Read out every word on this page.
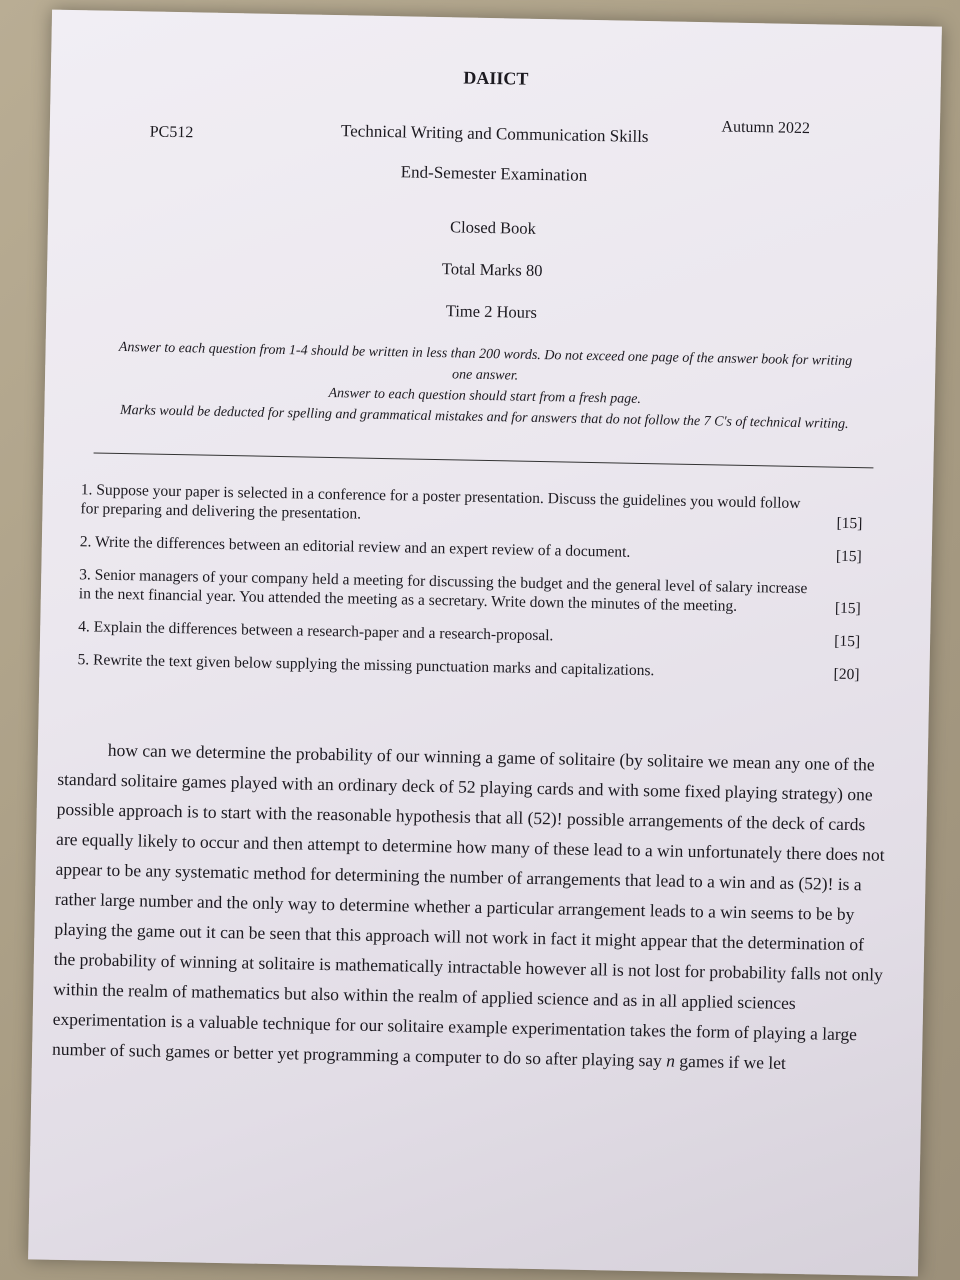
DAIICT
PC512	Technical Writing and Communication Skills	Autumn 2022
End-Semester Examination
Closed Book
Total Marks 80
Time 2 Hours
Answer to each question from 1-4 should be written in less than 200 words. Do not exceed one page of the answer book for writing one answer.
Answer to each question should start from a fresh page.
Marks would be deducted for spelling and grammatical mistakes and for answers that do not follow the 7 C's of technical writing.
1. Suppose your paper is selected in a conference for a poster presentation. Discuss the guidelines you would follow for preparing and delivering the presentation.
[15]
2. Write the differences between an editorial review and an expert review of a document.	[15]
3. Senior managers of your company held a meeting for discussing the budget and the general level of salary increase in the next financial year. You attended the meeting as a secretary. Write down the minutes of the meeting.	[15]
4. Explain the differences between a research-paper and a research-proposal.	[15]
5. Rewrite the text given below supplying the missing punctuation marks and capitalizations.	[20]

how can we determine the probability of our winning a game of solitaire (by solitaire we mean any one of the standard solitaire games played with an ordinary deck of 52 playing cards and with some fixed playing strategy) one possible approach is to start with the reasonable hypothesis that all (52)! possible arrangements of the deck of cards are equally likely to occur and then attempt to determine how many of these lead to a win unfortunately there does not appear to be any systematic method for determining the number of arrangements that lead to a win and as (52)! is a rather large number and the only way to determine whether a particular arrangement leads to a win seems to be by playing the game out it can be seen that this approach will not work in fact it might appear that the determination of the probability of winning at solitaire is mathematically intractable however all is not lost for probability falls not only within the realm of mathematics but also within the realm of applied science and as in all applied sciences experimentation is a valuable technique for our solitaire example experimentation takes the form of playing a large number of such games or better yet programming a computer to do so after playing say n games if we let
